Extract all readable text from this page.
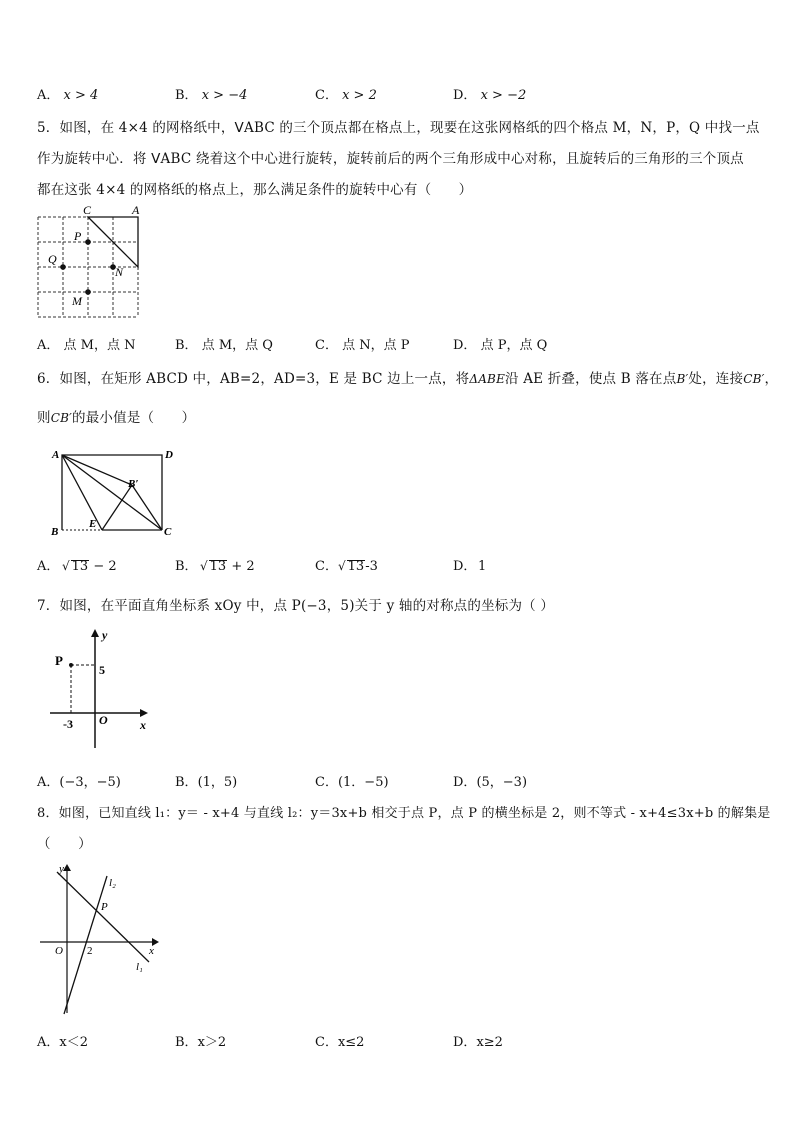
A． x > 4	B． x > −4	C． x > 2	D． x > −2
5．如图，在 4×4 的网格纸中，ᐯABC 的三个顶点都在格点上，现要在这张网格纸的四个格点 M，N，P，Q 中找一点
作为旋转中心．将 ᐯABC 绕着这个中心进行旋转，旋转前后的两个三角形成中心对称，且旋转后的三角形的三个顶点
都在这张 4×4 的网格纸的格点上，那么满足条件的旋转中心有（　　）
C	A
P
Q
N
M
A． 点 M，点 N	B． 点 M，点 Q	C． 点 N，点 P	D． 点 P，点 Q
6．如图，在矩形 ABCD 中，AB=2，AD=3，E 是 BC 边上一点，将ΔABE沿 AE 折叠，使点 B 落在点B′处，连接CB′，
则CB′的最小值是（　　）
A	D
B	C
E
B′
A． √ 13 − 2	B． √ 13 + 2	C． √ 13-3	D． 1
7．如图，在平面直角坐标系 xOy 中，点 P(−3，5)关于 y 轴的对称点的坐标为（ ）
y
P
5
-3 O	x
A．(−3，−5)	B．(1，5)	C．(1．−5)	D．(5，−3)
8．如图，已知直线 l₁：y＝ - x+4 与直线 l₂：y＝3x+b 相交于点 P，点 P 的横坐标是 2，则不等式 - x+4≤3x+b 的解集是
（　　）
y
l₂
P
O 2	x
l₁
A．x＜2	B．x＞2	C．x≤2	D．x≥2
